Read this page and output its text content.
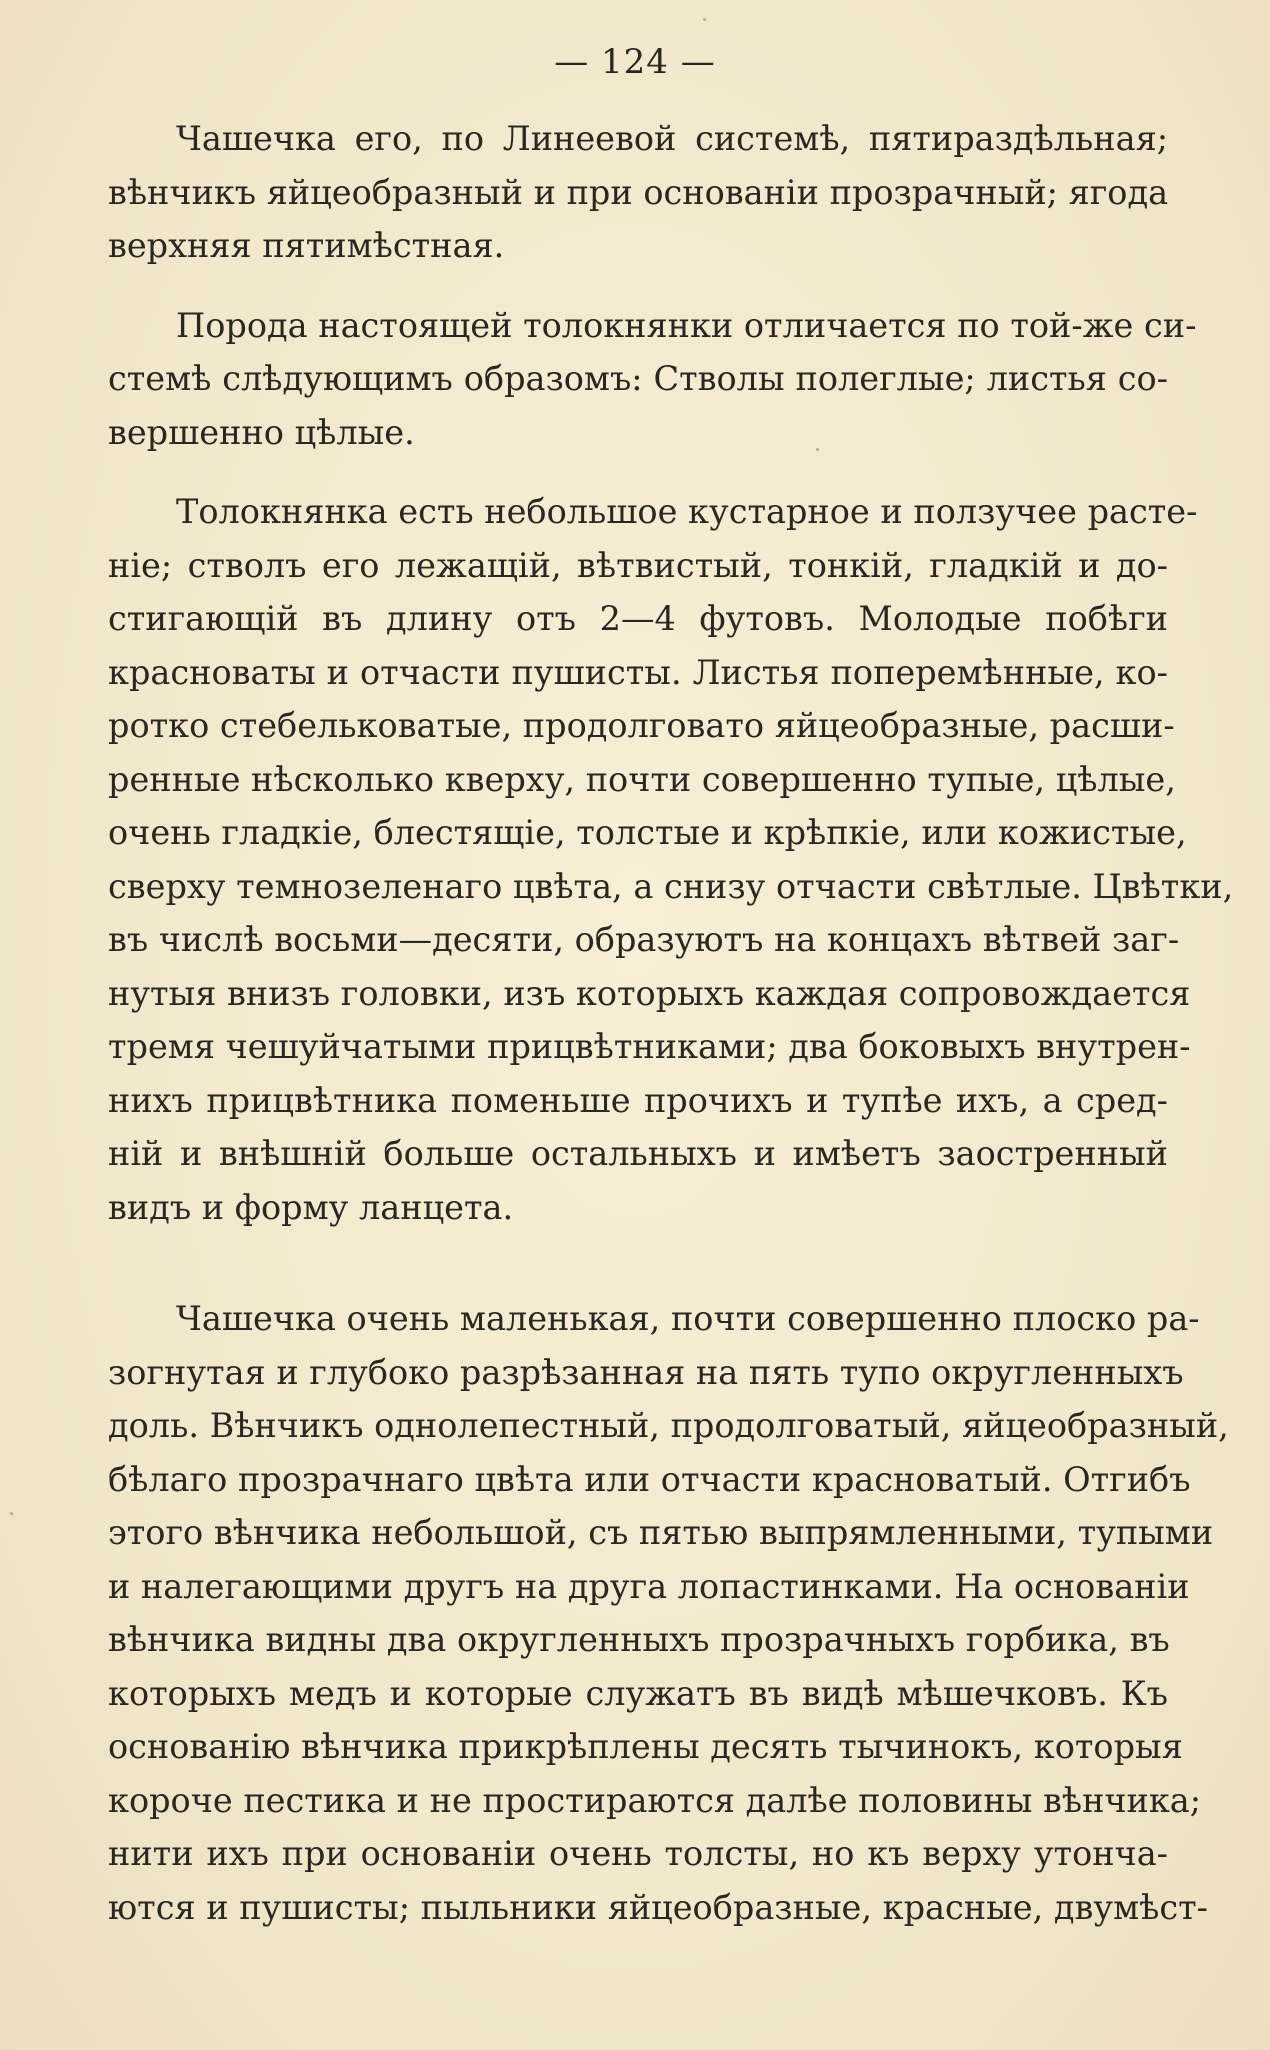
— 124 —

Чашечка его, по Линеевой системѣ, пятираздѣльная;
вѣнчикъ яйцеобразный и при основанiи прозрачный; ягода
верхняя пятимѣстная.

Порода настоящей толокнянки отличается по той-же си-
стемѣ слѣдующимъ образомъ: Стволы полеглые; листья со-
вершенно цѣлые.

Толокнянка есть небольшое кустарное и ползучее расте-
нiе; стволъ его лежащiй, вѣтвистый, тонкiй, гладкiй и до-
стигающiй въ длину отъ 2—4 футовъ. Молодые побѣги
красноваты и отчасти пушисты. Листья поперемѣнные, ко-
ротко стебельковатые, продолговато яйцеобразные, расши-
ренные нѣсколько кверху, почти совершенно тупые, цѣлые,
очень гладкiе, блестящiе, толстые и крѣпкiе, или кожистые,
сверху темнозеленаго цвѣта, а снизу отчасти свѣтлые. Цвѣтки,
въ числѣ восьми—десяти, образуютъ на концахъ вѣтвей заг-
нутыя внизъ головки, изъ которыхъ каждая сопровождается
тремя чешуйчатыми прицвѣтниками; два боковыхъ внутрен-
нихъ прицвѣтника поменьше прочихъ и тупѣе ихъ, а сред-
нiй и внѣшнiй больше остальныхъ и имѣетъ заостренный
видъ и форму ланцета.

Чашечка очень маленькая, почти совершенно плоско ра-
зогнутая и глубоко разрѣзанная на пять тупо округленныхъ
доль. Вѣнчикъ однолепестный, продолговатый, яйцеобразный,
бѣлаго прозрачнаго цвѣта или отчасти красноватый. Отгибъ
этого вѣнчика небольшой, съ пятью выпрямленными, тупыми
и налегающими другъ на друга лопастинками. На основанiи
вѣнчика видны два округленныхъ прозрачныхъ горбика, въ
которыхъ медъ и которые служатъ въ видѣ мѣшечковъ. Къ
основанiю вѣнчика прикрѣплены десять тычинокъ, которыя
короче пестика и не простираются далѣе половины вѣнчика;
нити ихъ при основанiи очень толсты, но къ верху утонча-
ются и пушисты; пыльники яйцеобразные, красные, двумѣст-
